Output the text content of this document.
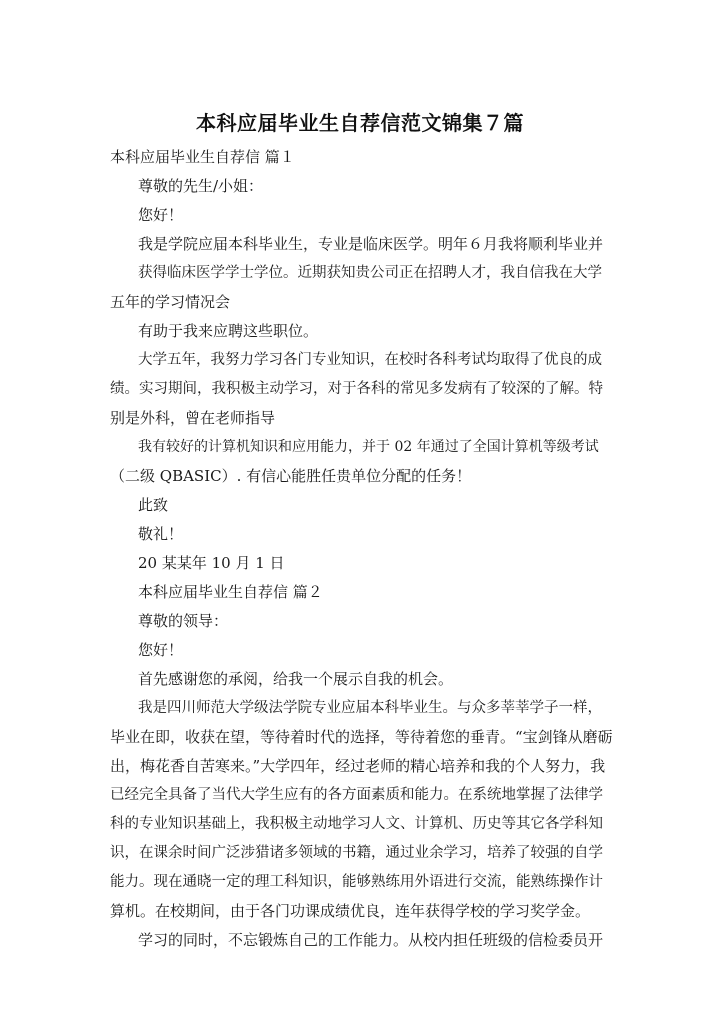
本科应届毕业生自荐信范文锦集７篇
本科应届毕业生自荐信 篇１
尊敬的先生/小姐：
您好！
我是学院应届本科毕业生，专业是临床医学。明年６月我将顺利毕业并
获得临床医学学士学位。近期获知贵公司正在招聘人才，我自信我在大学
五年的学习情况会
有助于我来应聘这些职位。
大学五年，我努力学习各门专业知识，在校时各科考试均取得了优良的成
绩。实习期间，我积极主动学习，对于各科的常见多发病有了较深的了解。特
别是外科，曾在老师指导
我有较好的计算机知识和应用能力，并于 02 年通过了全国计算机等级考试
（二级 QBASIC）. 有信心能胜任贵单位分配的任务！
此致
敬礼！
20 某某年 10 月 1 日
本科应届毕业生自荐信 篇２
尊敬的领导：
您好！
首先感谢您的承阅，给我一个展示自我的机会。
我是四川师范大学级法学院专业应届本科毕业生。与众多莘莘学子一样，
毕业在即，收获在望，等待着时代的选择，等待着您的垂青。“宝剑锋从磨砺
出，梅花香自苦寒来。”大学四年，经过老师的精心培养和我的个人努力，我
已经完全具备了当代大学生应有的各方面素质和能力。在系统地掌握了法律学
科的专业知识基础上，我积极主动地学习人文、计算机、历史等其它各学科知
识，在课余时间广泛涉猎诸多领域的书籍，通过业余学习，培养了较强的自学
能力。现在通晓一定的理工科知识，能够熟练用外语进行交流，能熟练操作计
算机。在校期间，由于各门功课成绩优良，连年获得学校的学习奖学金。
学习的同时，不忘锻炼自己的工作能力。从校内担任班级的信检委员开
